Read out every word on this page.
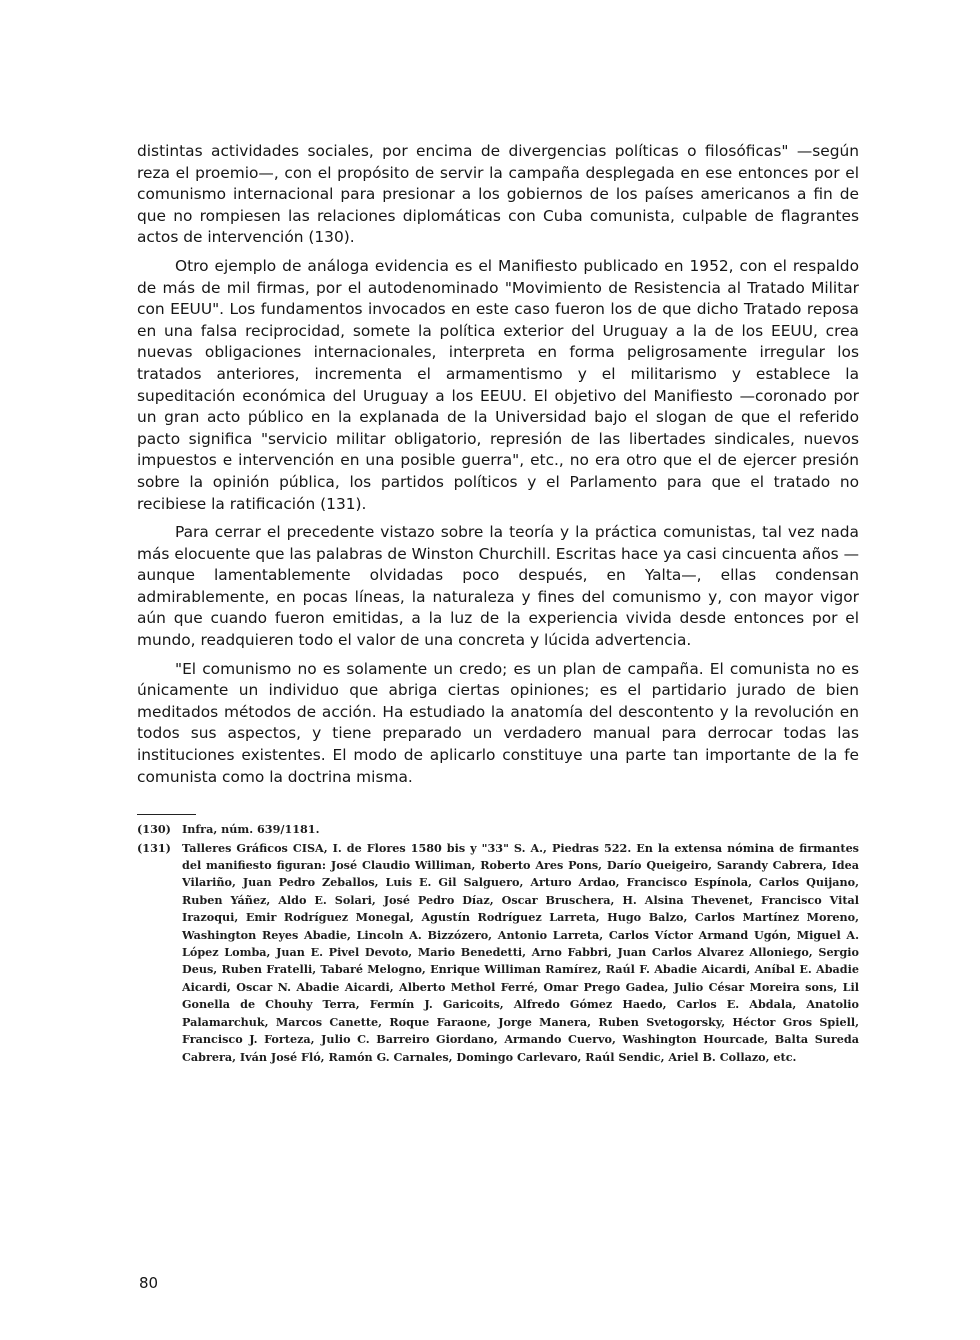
distintas actividades sociales, por encima de divergencias políticas o filosóficas" —según reza el proemio—, con el propósito de servir la campaña desplegada en ese entonces por el comunismo internacional para presionar a los gobiernos de los países americanos a fin de que no rompiesen las relaciones diplomáticas con Cuba comunista, culpable de flagrantes actos de intervención (130).

Otro ejemplo de análoga evidencia es el Manifiesto publicado en 1952, con el respaldo de más de mil firmas, por el autodenominado "Movimiento de Resistencia al Tratado Militar con EEUU". Los fundamentos invocados en este caso fueron los de que dicho Tratado reposa en una falsa reciprocidad, somete la política exterior del Uruguay a la de los EEUU, crea nuevas obligaciones internacionales, interpreta en forma peligrosamente irregular los tratados anteriores, incrementa el armamentismo y el militarismo y establece la supeditación económica del Uruguay a los EEUU. El objetivo del Manifiesto —coronado por un gran acto público en la explanada de la Universidad bajo el slogan de que el referido pacto significa "servicio militar obligatorio, represión de las libertades sindicales, nuevos impuestos e intervención en una posible guerra", etc., no era otro que el de ejercer presión sobre la opinión pública, los partidos políticos y el Parlamento para que el tratado no recibiese la ratificación (131).

Para cerrar el precedente vistazo sobre la teoría y la práctica comunistas, tal vez nada más elocuente que las palabras de Winston Churchill. Escritas hace ya casi cincuenta años —aunque lamentablemente olvidadas poco después, en Yalta—, ellas condensan admirablemente, en pocas líneas, la naturaleza y fines del comunismo y, con mayor vigor aún que cuando fueron emitidas, a la luz de la experiencia vivida desde entonces por el mundo, readquieren todo el valor de una concreta y lúcida advertencia.

"El comunismo no es solamente un credo; es un plan de campaña. El comunista no es únicamente un individuo que abriga ciertas opiniones; es el partidario jurado de bien meditados métodos de acción. Ha estudiado la anatomía del descontento y la revolución en todos sus aspectos, y tiene preparado un verdadero manual para derrocar todas las instituciones existentes. El modo de aplicarlo constituye una parte tan importante de la fe comunista como la doctrina misma.

(130) Infra, núm. 639/1181.
(131) Talleres Gráficos CISA, I. de Flores 1580 bis y "33" S. A., Piedras 522. En la extensa nómina de firmantes del manifiesto figuran: José Claudio Williman, Roberto Ares Pons, Darío Queigeiro, Sarandy Cabrera, Idea Vilariño, Juan Pedro Zeballos, Luis E. Gil Salguero, Arturo Ardao, Francisco Espínola, Carlos Quijano, Ruben Yáñez, Aldo E. Solari, José Pedro Díaz, Oscar Bruschera, H. Alsina Thevenet, Francisco Vital Irazoqui, Emir Rodríguez Monegal, Agustín Rodríguez Larreta, Hugo Balzo, Carlos Martínez Moreno, Washington Reyes Abadie, Lincoln A. Bizzózero, Antonio Larreta, Carlos Víctor Armand Ugón, Miguel A. López Lomba, Juan E. Pivel Devoto, Mario Benedetti, Arno Fabbri, Juan Carlos Alvarez Alloniego, Sergio Deus, Ruben Fratelli, Tabaré Melogno, Enrique Williman Ramírez, Raúl F. Abadie Aicardi, Aníbal E. Abadie Aicardi, Oscar N. Abadie Aicardi, Alberto Methol Ferré, Omar Prego Gadea, Julio César Moreira sons, Lil Gonella de Chouhy Terra, Fermín J. Garicoits, Alfredo Gómez Haedo, Carlos E. Abdala, Anatolio Palamarchuk, Marcos Canette, Roque Faraone, Jorge Manera, Ruben Svetogorsky, Héctor Gros Spiell, Francisco J. Forteza, Julio C. Barreiro Giordano, Armando Cuervo, Washington Hourcade, Balta Sureda Cabrera, Iván José Fló, Ramón G. Carnales, Domingo Carlevaro, Raúl Sendic, Ariel B. Collazo, etc.
80
